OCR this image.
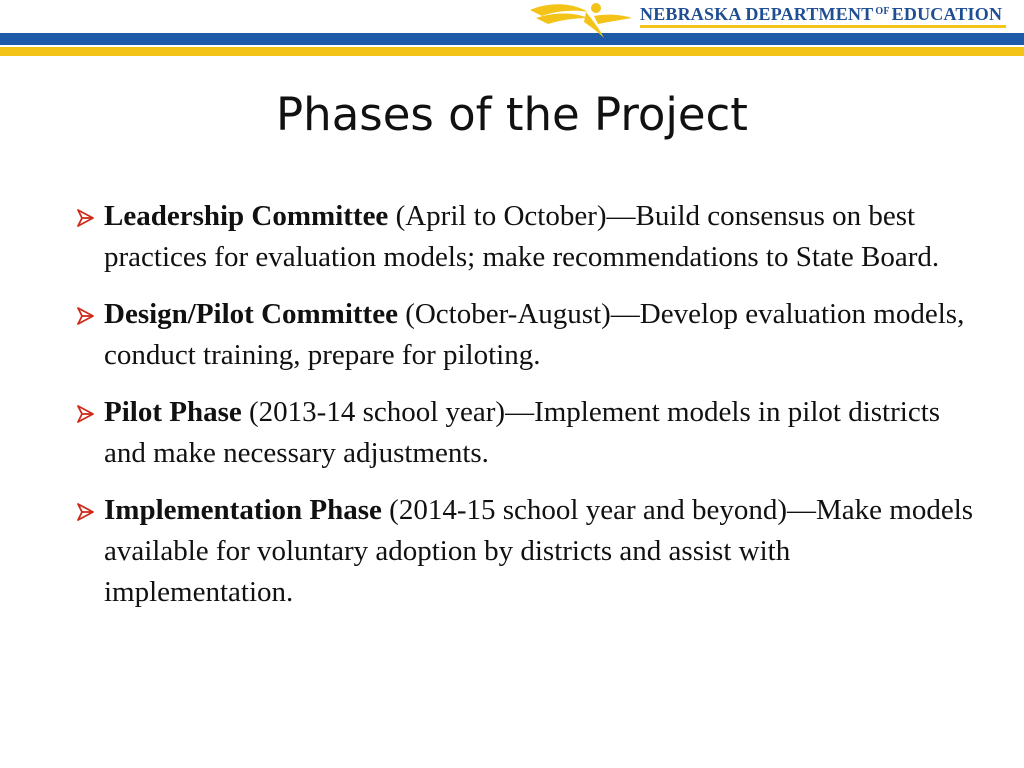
NEBRASKA DEPARTMENT $^{OF}$ EDUCATION
Phases of the Project
Leadership Committee (April to October)—Build consensus on best practices for evaluation models; make recommendations to State Board.
Design/Pilot Committee (October-August)—Develop evaluation models, conduct training, prepare for piloting.
Pilot Phase (2013-14 school year)—Implement models in pilot districts and make necessary adjustments.
Implementation Phase (2014-15 school year and beyond)—Make models available for voluntary adoption by districts and assist with implementation.
